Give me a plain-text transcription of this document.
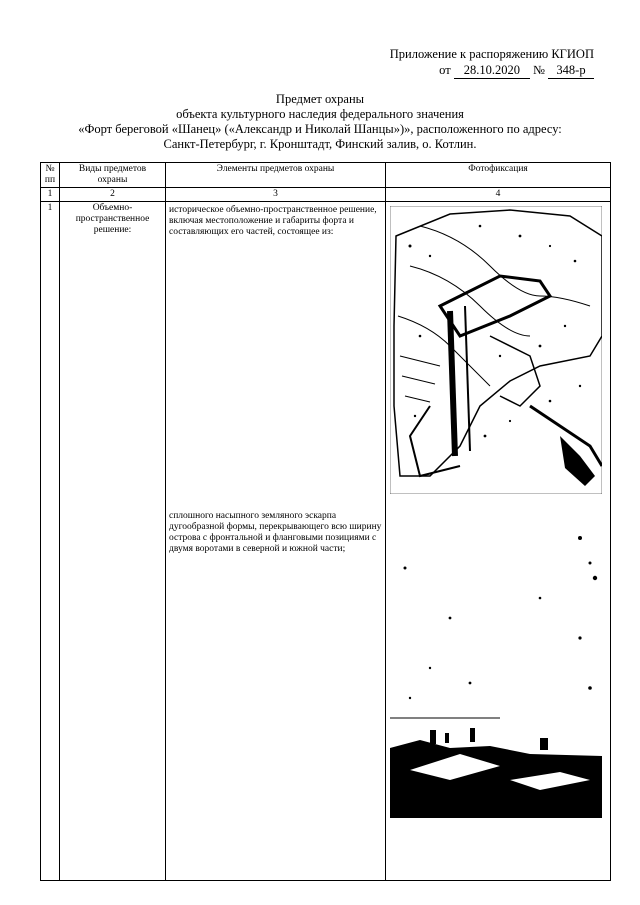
Приложение к распоряжению КГИОП
от 28.10.2020 № 348-р
Предмет охраны
объекта культурного наследия федерального значения
«Форт береговой «Шанец» («Александр и Николай Шанцы»)», расположенного по адресу:
Санкт-Петербург, г. Кронштадт, Финский залив, о. Котлин.
№ пп	Виды предметов охраны	Элементы предметов охраны	Фотофиксация
1	2	3	4
1	Объемно-пространственное решение:	историческое объемно-пространственное решение, включая местоположение и габариты форта и составляющих его частей, состоящее из:
сплошного насыпного земляного эскарпа дугообразной формы, перекрывающего всю ширину острова с фронтальной и фланговыми позициями с двумя воротами в северной и южной части;
